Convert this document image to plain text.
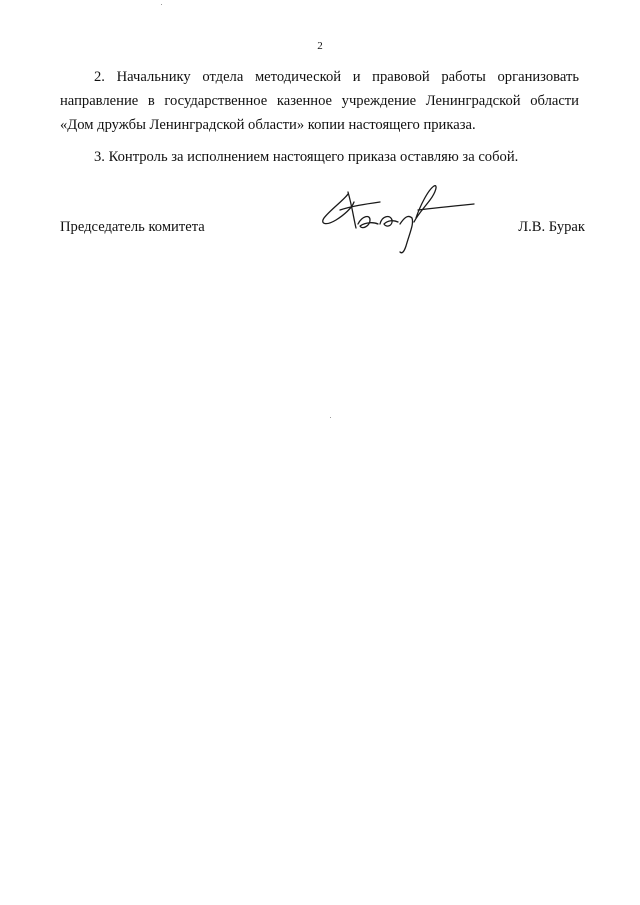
2

2. Начальнику отдела методической и правовой работы организовать направление в государственное казенное учреждение Ленинградской области «Дом дружбы Ленинградской области» копии настоящего приказа.

3. Контроль за исполнением настоящего приказа оставляю за собой.

Председатель комитета	Л.В. Бурак
